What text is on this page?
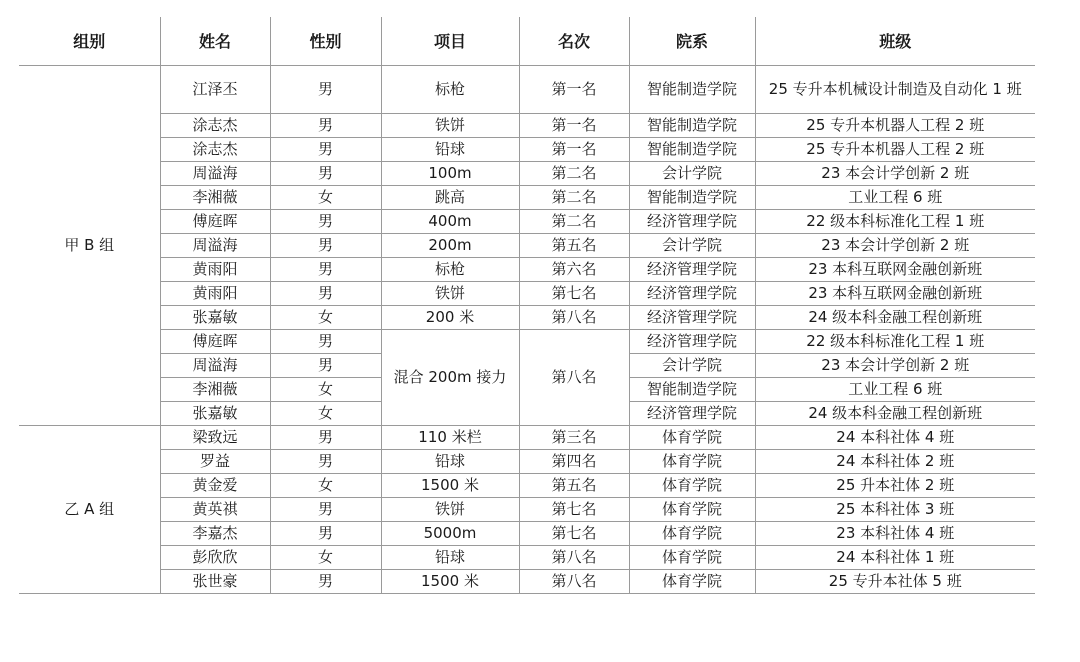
组别	姓名	性别	项目	名次	院系	班级
甲 B 组	江泽丕	男	标枪	第一名	智能制造学院	25 专升本机械设计制造及自动化 1 班
	涂志杰	男	铁饼	第一名	智能制造学院	25 专升本机器人工程 2 班
	涂志杰	男	铅球	第一名	智能制造学院	25 专升本机器人工程 2 班
	周溢海	男	100m	第二名	会计学院	23 本会计学创新 2 班
	李湘薇	女	跳高	第二名	智能制造学院	工业工程 6 班
	傅庭晖	男	400m	第二名	经济管理学院	22 级本科标准化工程 1 班
	周溢海	男	200m	第五名	会计学院	23 本会计学创新 2 班
	黄雨阳	男	标枪	第六名	经济管理学院	23 本科互联网金融创新班
	黄雨阳	男	铁饼	第七名	经济管理学院	23 本科互联网金融创新班
	张嘉敏	女	200 米	第八名	经济管理学院	24 级本科金融工程创新班
	傅庭晖	男	混合 200m 接力	第八名	经济管理学院	22 级本科标准化工程 1 班
	周溢海	男			会计学院	23 本会计学创新 2 班
	李湘薇	女			智能制造学院	工业工程 6 班
	张嘉敏	女			经济管理学院	24 级本科金融工程创新班
乙 A 组	梁致远	男	110 米栏	第三名	体育学院	24 本科社体 4 班
	罗益	男	铅球	第四名	体育学院	24 本科社体 2 班
	黄金爱	女	1500 米	第五名	体育学院	25 升本社体 2 班
	黄英祺	男	铁饼	第七名	体育学院	25 本科社体 3 班
	李嘉杰	男	5000m	第七名	体育学院	23 本科社体 4 班
	彭欣欣	女	铅球	第八名	体育学院	24 本科社体 1 班
	张世豪	男	1500 米	第八名	体育学院	25 专升本社体 5 班
